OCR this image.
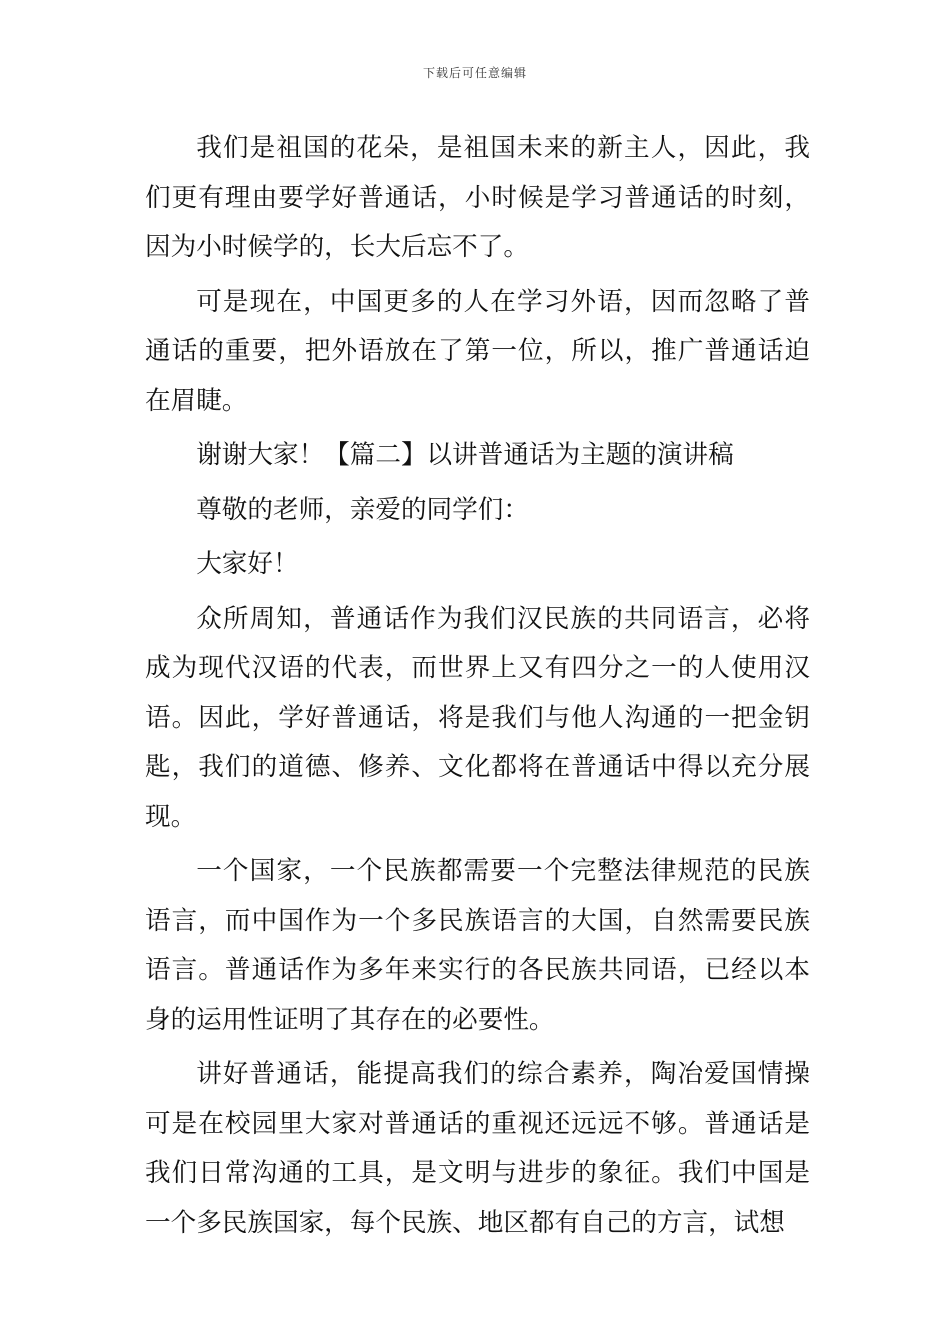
下载后可任意编辑

我们是祖国的花朵，是祖国未来的新主人，因此，我们更有理由要学好普通话，小时候是学习普通话的时刻，因为小时候学的，长大后忘不了。

可是现在，中国更多的人在学习外语，因而忽略了普通话的重要，把外语放在了第一位，所以，推广普通话迫在眉睫。

谢谢大家！【篇二】以讲普通话为主题的演讲稿

尊敬的老师，亲爱的同学们：

大家好！

众所周知，普通话作为我们汉民族的共同语言，必将成为现代汉语的代表，而世界上又有四分之一的人使用汉语。因此，学好普通话，将是我们与他人沟通的一把金钥匙，我们的道德、修养、文化都将在普通话中得以充分展现。

一个国家，一个民族都需要一个完整法律规范的民族语言，而中国作为一个多民族语言的大国，自然需要民族语言。普通话作为多年来实行的各民族共同语，已经以本身的运用性证明了其存在的必要性。

讲好普通话，能提高我们的综合素养，陶冶爱国情操可是在校园里大家对普通话的重视还远远不够。普通话是我们日常沟通的工具，是文明与进步的象征。我们中国是一个多民族国家，每个民族、地区都有自己的方言，试想
